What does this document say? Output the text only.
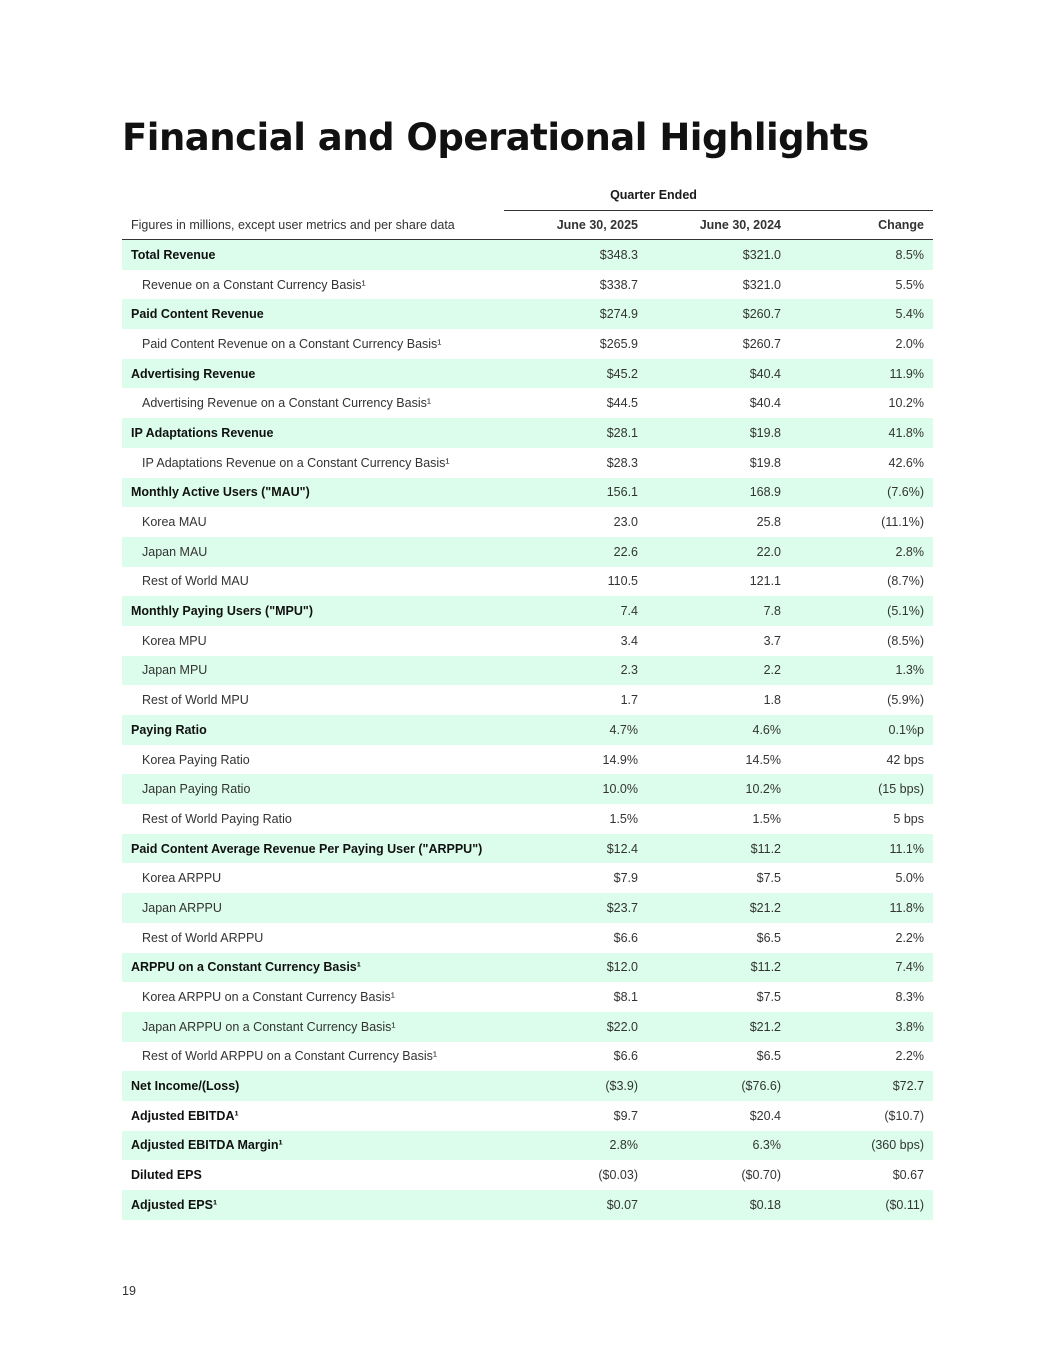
Financial and Operational Highlights
Quarter Ended
Figures in millions, except user metrics and per share data	June 30, 2025	June 30, 2024	Change
Total Revenue	$348.3	$321.0	8.5%
Revenue on a Constant Currency Basis¹	$338.7	$321.0	5.5%
Paid Content Revenue	$274.9	$260.7	5.4%
Paid Content Revenue on a Constant Currency Basis¹	$265.9	$260.7	2.0%
Advertising Revenue	$45.2	$40.4	11.9%
Advertising Revenue on a Constant Currency Basis¹	$44.5	$40.4	10.2%
IP Adaptations Revenue	$28.1	$19.8	41.8%
IP Adaptations Revenue on a Constant Currency Basis¹	$28.3	$19.8	42.6%
Monthly Active Users ("MAU")	156.1	168.9	(7.6%)
Korea MAU	23.0	25.8	(11.1%)
Japan MAU	22.6	22.0	2.8%
Rest of World MAU	110.5	121.1	(8.7%)
Monthly Paying Users ("MPU")	7.4	7.8	(5.1%)
Korea MPU	3.4	3.7	(8.5%)
Japan MPU	2.3	2.2	1.3%
Rest of World MPU	1.7	1.8	(5.9%)
Paying Ratio	4.7%	4.6%	0.1%p
Korea Paying Ratio	14.9%	14.5%	42 bps
Japan Paying Ratio	10.0%	10.2%	(15 bps)
Rest of World Paying Ratio	1.5%	1.5%	5 bps
Paid Content Average Revenue Per Paying User ("ARPPU")	$12.4	$11.2	11.1%
Korea ARPPU	$7.9	$7.5	5.0%
Japan ARPPU	$23.7	$21.2	11.8%
Rest of World ARPPU	$6.6	$6.5	2.2%
ARPPU on a Constant Currency Basis¹	$12.0	$11.2	7.4%
Korea ARPPU on a Constant Currency Basis¹	$8.1	$7.5	8.3%
Japan ARPPU on a Constant Currency Basis¹	$22.0	$21.2	3.8%
Rest of World ARPPU on a Constant Currency Basis¹	$6.6	$6.5	2.2%
Net Income/(Loss)	($3.9)	($76.6)	$72.7
Adjusted EBITDA¹	$9.7	$20.4	($10.7)
Adjusted EBITDA Margin¹	2.8%	6.3%	(360 bps)
Diluted EPS	($0.03)	($0.70)	$0.67
Adjusted EPS¹	$0.07	$0.18	($0.11)
19
